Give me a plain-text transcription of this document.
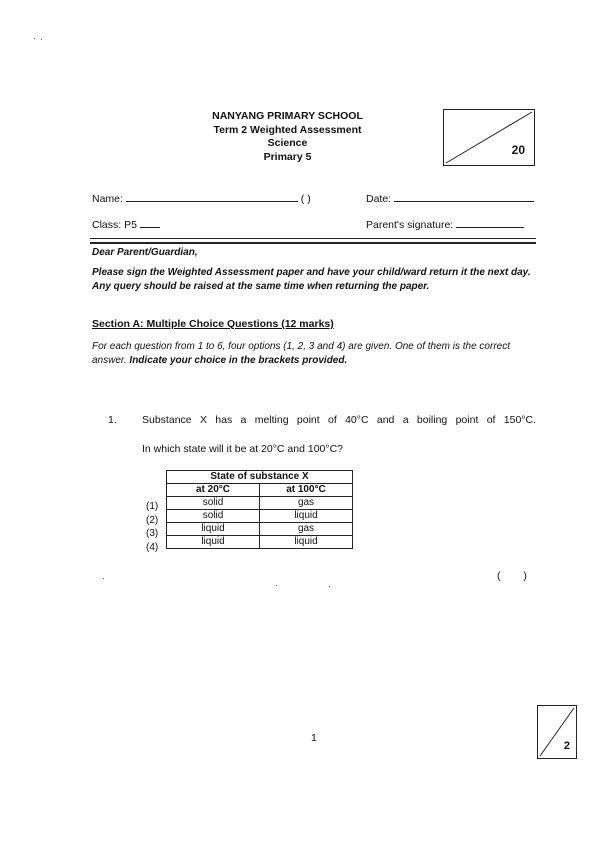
NANYANG PRIMARY SCHOOL
Term 2 Weighted Assessment
Science
Primary 5	20
Name:	( )	Date:
Class: P5	Parent's signature:
Dear Parent/Guardian,
Please sign the Weighted Assessment paper and have your child/ward return it the next day. Any query should be raised at the same time when returning the paper.
Section A: Multiple Choice Questions (12 marks)
For each question from 1 to 6, four options (1, 2, 3 and 4) are given. One of them is the correct answer. Indicate your choice in the brackets provided.
1. Substance X has a melting point of 40°C and a boiling point of 150°C.
In which state will it be at 20°C and 100°C?
(1)
(2)
(3)
(4)
State of substance X	
at 20°C	at 100°C
solid	gas
solid	liquid
liquid	gas
liquid	liquid
( )
1
2
